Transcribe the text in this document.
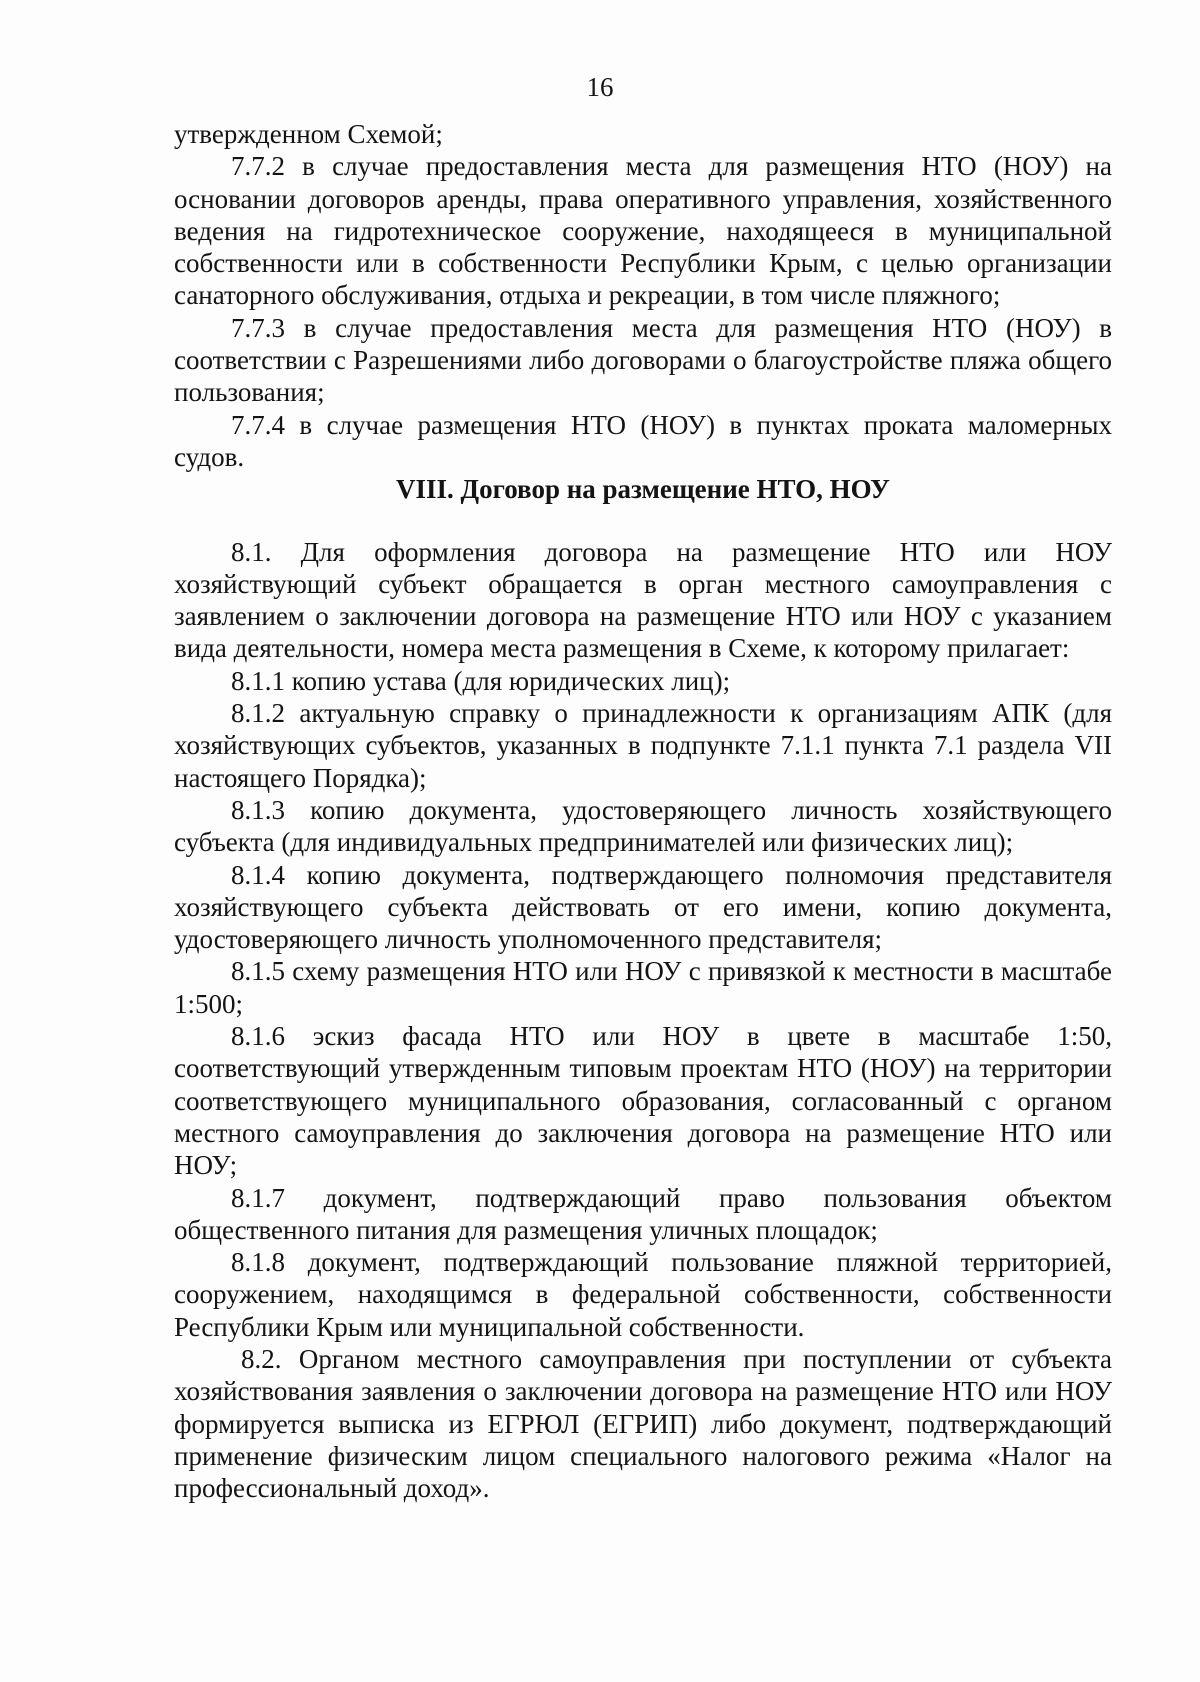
16

утвержденном Схемой;

7.7.2 в случае предоставления места для размещения НТО (НОУ) на основании договоров аренды, права оперативного управления, хозяйственного ведения на гидротехническое сооружение, находящееся в муниципальной собственности или в собственности Республики Крым, с целью организации санаторного обслуживания, отдыха и рекреации, в том числе пляжного;

7.7.3 в случае предоставления места для размещения НТО (НОУ) в соответствии с Разрешениями либо договорами о благоустройстве пляжа общего пользования;

7.7.4 в случае размещения НТО (НОУ) в пунктах проката маломерных судов.

VIII. Договор на размещение НТО, НОУ

8.1. Для оформления договора на размещение НТО или НОУ хозяйствующий субъект обращается в орган местного самоуправления с заявлением о заключении договора на размещение НТО или НОУ с указанием вида деятельности, номера места размещения в Схеме, к которому прилагает:

8.1.1 копию устава (для юридических лиц);

8.1.2 актуальную справку о принадлежности к организациям АПК (для хозяйствующих субъектов, указанных в подпункте 7.1.1 пункта 7.1 раздела VII настоящего Порядка);

8.1.3 копию документа, удостоверяющего личность хозяйствующего субъекта (для индивидуальных предпринимателей или физических лиц);

8.1.4 копию документа, подтверждающего полномочия представителя хозяйствующего субъекта действовать от его имени, копию документа, удостоверяющего личность уполномоченного представителя;

8.1.5 схему размещения НТО или НОУ с привязкой к местности в масштабе 1:500;

8.1.6 эскиз фасада НТО или НОУ в цвете в масштабе 1:50, соответствующий утвержденным типовым проектам НТО (НОУ) на территории соответствующего муниципального образования, согласованный с органом местного самоуправления до заключения договора на размещение НТО или НОУ;

8.1.7 документ, подтверждающий право пользования объектом общественного питания для размещения уличных площадок;

8.1.8 документ, подтверждающий пользование пляжной территорией, сооружением, находящимся в федеральной собственности, собственности Республики Крым или муниципальной собственности.

8.2. Органом местного самоуправления при поступлении от субъекта хозяйствования заявления о заключении договора на размещение НТО или НОУ формируется выписка из ЕГРЮЛ (ЕГРИП) либо документ, подтверждающий применение физическим лицом специального налогового режима «Налог на профессиональный доход».
